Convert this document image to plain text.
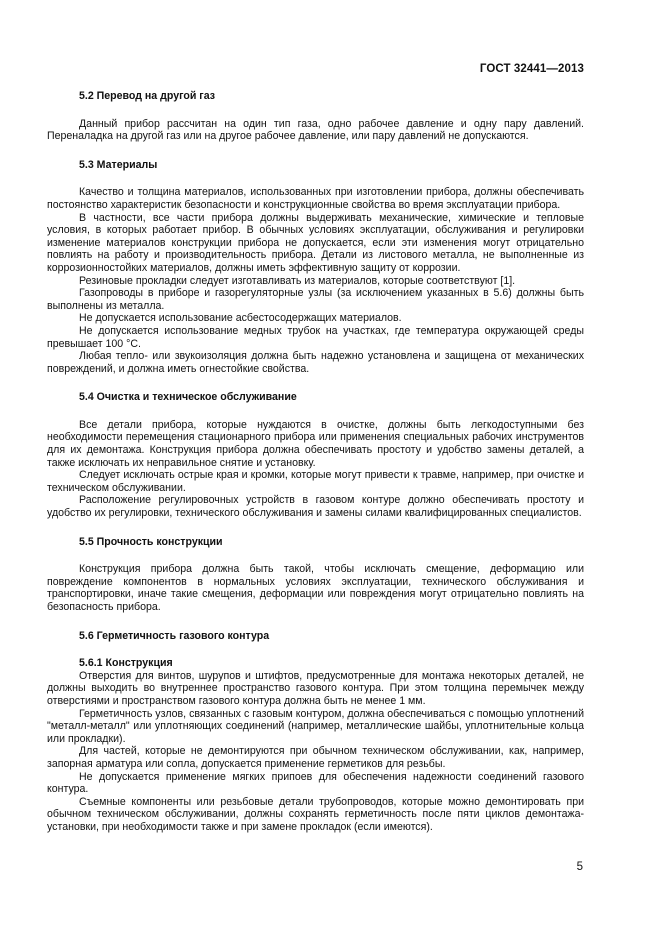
ГОСТ 32441—2013
5.2 Перевод на другой газ

Данный прибор рассчитан на один тип газа, одно рабочее давление и одну пару давлений. Переналадка на другой газ или на другое рабочее давление, или пару давлений не допускаются.

5.3 Материалы

Качество и толщина материалов, использованных при изготовлении прибора, должны обеспечивать постоянство характеристик безопасности и конструкционные свойства во время эксплуатации прибора.

В частности, все части прибора должны выдерживать механические, химические и тепловые условия, в которых работает прибор. В обычных условиях эксплуатации, обслуживания и регулировки изменение материалов конструкции прибора не допускается, если эти изменения могут отрицательно повлиять на работу и производительность прибора. Детали из листового металла, не выполненные из коррозионностойких материалов, должны иметь эффективную защиту от коррозии.

Резиновые прокладки следует изготавливать из материалов, которые соответствуют [1].

Газопроводы в приборе и газорегуляторные узлы (за исключением указанных в 5.6) должны быть выполнены из металла.

Не допускается использование асбестосодержащих материалов.

Не допускается использование медных трубок на участках, где температура окружающей среды превышает 100 °С.

Любая тепло- или звукоизоляция должна быть надежно установлена и защищена от механических повреждений, и должна иметь огнестойкие свойства.

5.4 Очистка и техническое обслуживание

Все детали прибора, которые нуждаются в очистке, должны быть легкодоступными без необходимости перемещения стационарного прибора или применения специальных рабочих инструментов для их демонтажа. Конструкция прибора должна обеспечивать простоту и удобство замены деталей, а также исключать их неправильное снятие и установку.

Следует исключать острые края и кромки, которые могут привести к травме, например, при очистке и техническом обслуживании.

Расположение регулировочных устройств в газовом контуре должно обеспечивать простоту и удобство их регулировки, технического обслуживания и замены силами квалифицированных специалистов.

5.5 Прочность конструкции

Конструкция прибора должна быть такой, чтобы исключать смещение, деформацию или повреждение компонентов в нормальных условиях эксплуатации, технического обслуживания и транспортировки, иначе такие смещения, деформации или повреждения могут отрицательно повлиять на безопасность прибора.

5.6 Герметичность газового контура
5.6.1 Конструкция

Отверстия для винтов, шурупов и штифтов, предусмотренные для монтажа некоторых деталей, не должны выходить во внутреннее пространство газового контура. При этом толщина перемычек между отверстиями и пространством газового контура должна быть не менее 1 мм.

Герметичность узлов, связанных с газовым контуром, должна обеспечиваться с помощью уплотнений "металл-металл" или уплотняющих соединений (например, металлические шайбы, уплотнительные кольца или прокладки).

Для частей, которые не демонтируются при обычном техническом обслуживании, как, например, запорная арматура или сопла, допускается применение герметиков для резьбы.

Не допускается применение мягких припоев для обеспечения надежности соединений газового контура.

Съемные компоненты или резьбовые детали трубопроводов, которые можно демонтировать при обычном техническом обслуживании, должны сохранять герметичность после пяти циклов демонтажа-установки, при необходимости также и при замене прокладок (если имеются).

5
